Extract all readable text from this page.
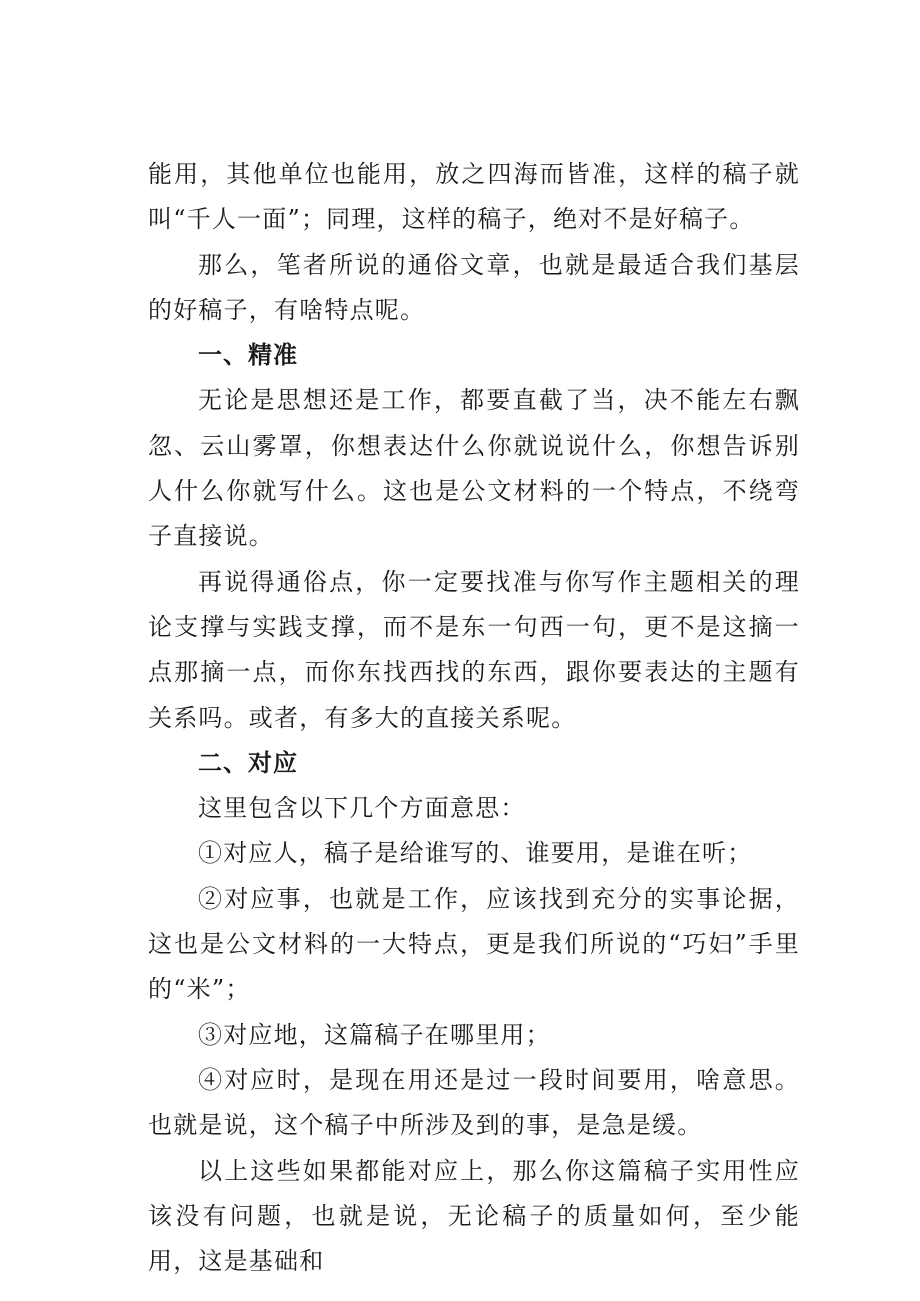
能用，其他单位也能用，放之四海而皆准，这样的稿子就叫“千人一面”；同理，这样的稿子，绝对不是好稿子。

那么，笔者所说的通俗文章，也就是最适合我们基层的好稿子，有啥特点呢。

一、精准

无论是思想还是工作，都要直截了当，决不能左右飘忽、云山雾罩，你想表达什么你就说说什么，你想告诉别人什么你就写什么。这也是公文材料的一个特点，不绕弯子直接说。

再说得通俗点，你一定要找准与你写作主题相关的理论支撑与实践支撑，而不是东一句西一句，更不是这摘一点那摘一点，而你东找西找的东西，跟你要表达的主题有关系吗。或者，有多大的直接关系呢。

二、对应

这里包含以下几个方面意思：

①对应人，稿子是给谁写的、谁要用，是谁在听；

②对应事，也就是工作，应该找到充分的实事论据，这也是公文材料的一大特点，更是我们所说的“巧妇”手里的“米”；

③对应地，这篇稿子在哪里用；

④对应时，是现在用还是过一段时间要用，啥意思。也就是说，这个稿子中所涉及到的事，是急是缓。

以上这些如果都能对应上，那么你这篇稿子实用性应该没有问题，也就是说，无论稿子的质量如何，至少能用，这是基础和
